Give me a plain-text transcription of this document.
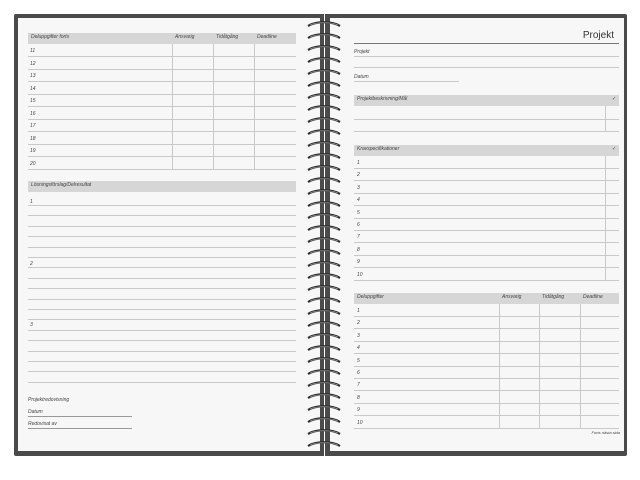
Deluppgifter forts	Ansvarig	Tidåtgång	Deadline
11
12
13
14
15
16
17
18
19
20
Lösningsförslag/Delresultat
1
2
3
Projektredovisning
Datum
Redovisat av
Projekt
Projekt
Datum
Projektbeskrivning/Mål	✓
Kravspecifikationer	✓
1
2
3
4
5
6
7
8
9
10
Deluppgifter	Ansvarig	Tidåtgång	Deadline
1
2
3
4
5
6
7
8
9
10
Forts nästa sida
